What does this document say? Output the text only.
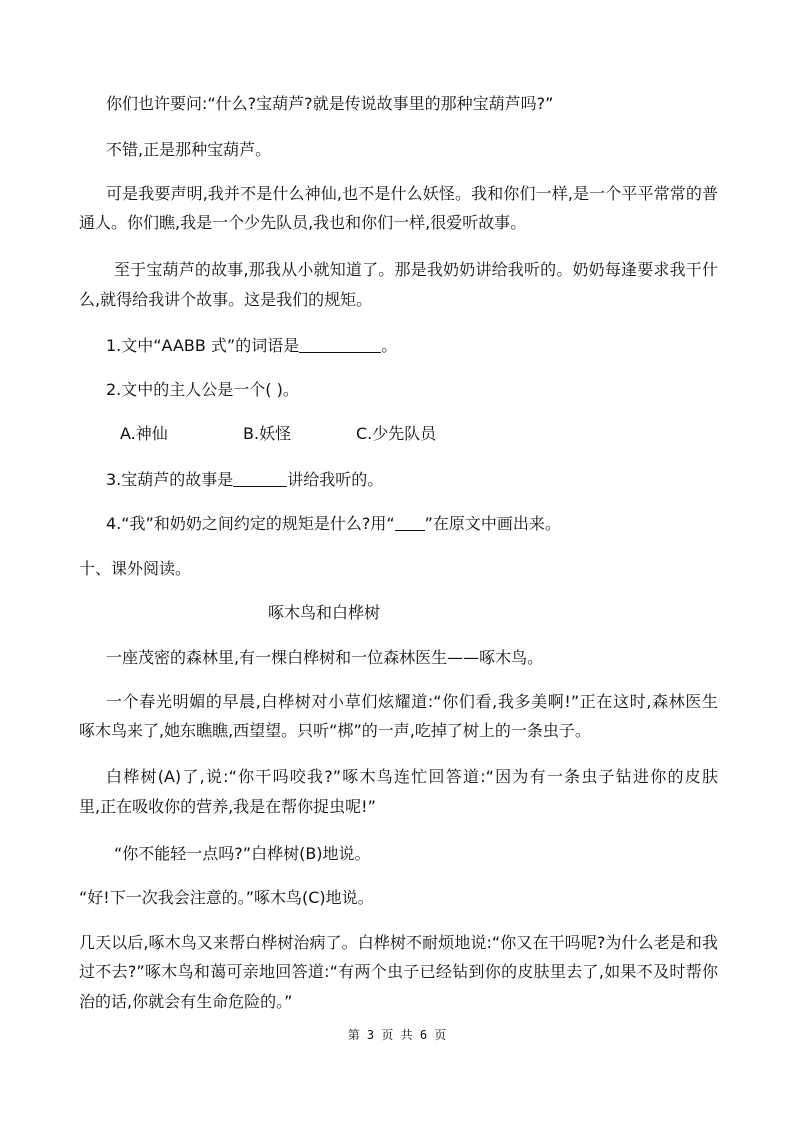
你们也许要问:“什么?宝葫芦?就是传说故事里的那种宝葫芦吗?”
不错,正是那种宝葫芦。
可是我要声明,我并不是什么神仙,也不是什么妖怪。我和你们一样,是一个平平常常的普
通人。你们瞧,我是一个少先队员,我也和你们一样,很爱听故事。
至于宝葫芦的故事,那我从小就知道了。那是我奶奶讲给我听的。奶奶每逢要求我干什
么,就得给我讲个故事。这是我们的规矩。
1.文中“AABB 式”的词语是	。
2.文中的主人公是一个( )。
A.神仙	B.妖怪	C.少先队员
3.宝葫芦的故事是	讲给我听的。
4.“我”和奶奶之间约定的规矩是什么?用“ ”在原文中画出来。
十、课外阅读。
啄木鸟和白桦树
一座茂密的森林里,有一棵白桦树和一位森林医生——啄木鸟。
一个春光明媚的早晨,白桦树对小草们炫耀道:“你们看,我多美啊!”正在这时,森林医生
啄木鸟来了,她东瞧瞧,西望望。只听“梆”的一声,吃掉了树上的一条虫子。
白桦树(A)了,说:“你干吗咬我?”啄木鸟连忙回答道:“因为有一条虫子钻进你的皮肤
里,正在吸收你的营养,我是在帮你捉虫呢!”
“你不能轻一点吗?”白桦树(B)地说。
“好!下一次我会注意的。”啄木鸟(C)地说。
几天以后,啄木鸟又来帮白桦树治病了。白桦树不耐烦地说:“你又在干吗呢?为什么老是和我
过不去?”啄木鸟和蔼可亲地回答道:“有两个虫子已经钻到你的皮肤里去了,如果不及时帮你
治的话,你就会有生命危险的。”
第 3 页 共 6 页
